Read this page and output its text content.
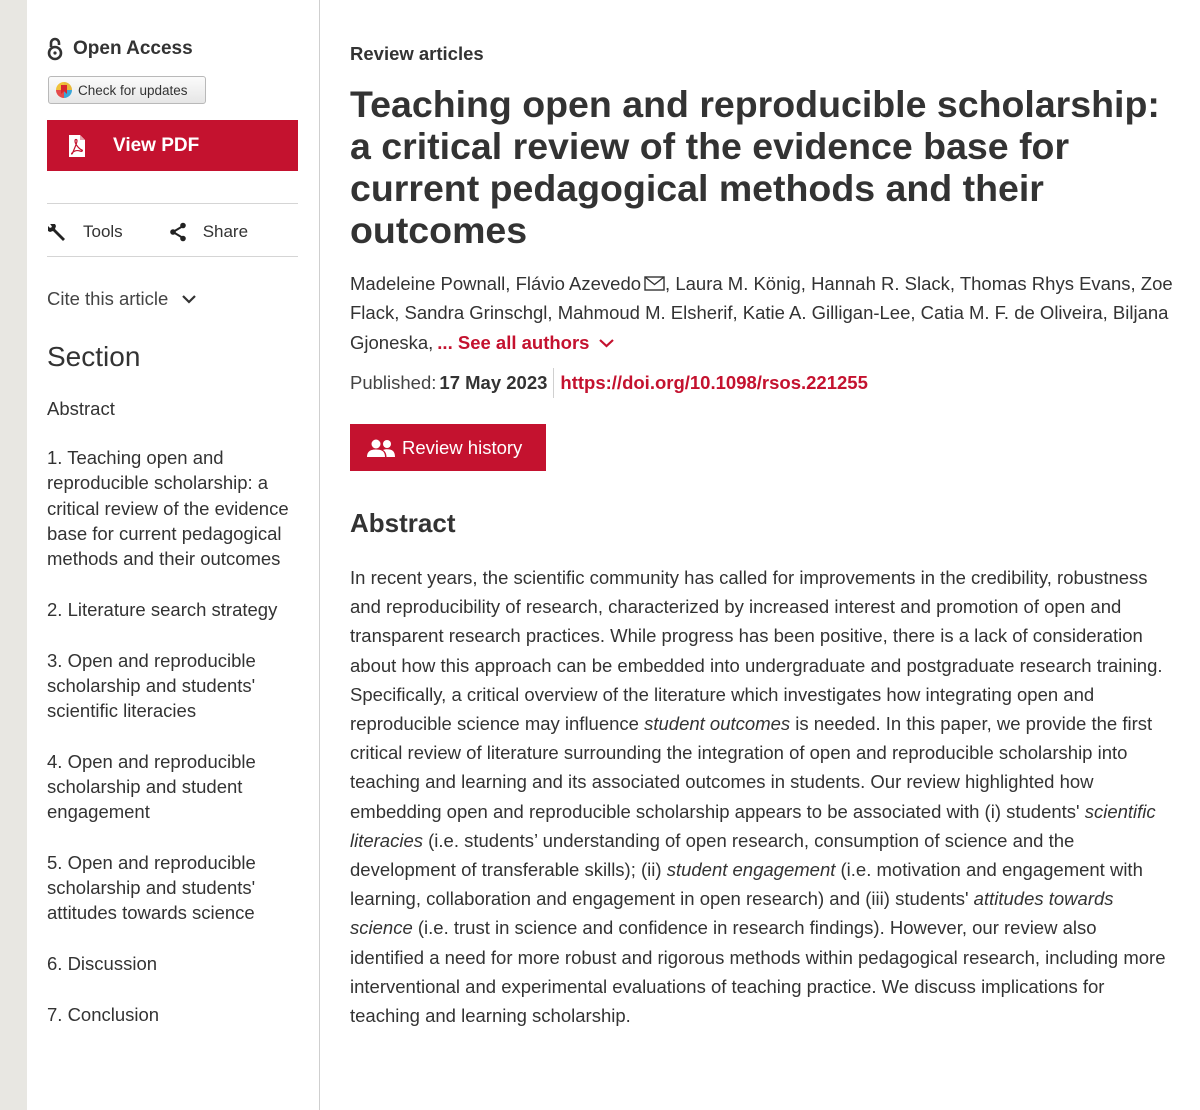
Open Access
Check for updates
View PDF
Tools	Share
Cite this article
Section
Abstract
1. Teaching open and reproducible scholarship: a critical review of the evidence base for current pedagogical methods and their outcomes
2. Literature search strategy
3. Open and reproducible scholarship and students' scientific literacies
4. Open and reproducible scholarship and student engagement
5. Open and reproducible scholarship and students' attitudes towards science
6. Discussion
7. Conclusion
Review articles
Teaching open and reproducible scholarship: a critical review of the evidence base for current pedagogical methods and their outcomes
Madeleine Pownall, Flávio Azevedo , Laura M. König, Hannah R. Slack, Thomas Rhys Evans, Zoe Flack, Sandra Grinschgl, Mahmoud M. Elsherif, Katie A. Gilligan-Lee, Catia M. F. de Oliveira, Biljana Gjoneska, ... See all authors
Published: 17 May 2023 https://doi.org/10.1098/rsos.221255
Review history
Abstract

In recent years, the scientific community has called for improvements in the credibility, robustness and reproducibility of research, characterized by increased interest and promotion of open and transparent research practices. While progress has been positive, there is a lack of consideration about how this approach can be embedded into undergraduate and postgraduate research training. Specifically, a critical overview of the literature which investigates how integrating open and reproducible science may influence student outcomes is needed. In this paper, we provide the first critical review of literature surrounding the integration of open and reproducible scholarship into teaching and learning and its associated outcomes in students. Our review highlighted how embedding open and reproducible scholarship appears to be associated with (i) students' scientific literacies (i.e. students’ understanding of open research, consumption of science and the development of transferable skills); (ii) student engagement (i.e. motivation and engagement with learning, collaboration and engagement in open research) and (iii) students' attitudes towards science (i.e. trust in science and confidence in research findings). However, our review also identified a need for more robust and rigorous methods within pedagogical research, including more interventional and experimental evaluations of teaching practice. We discuss implications for teaching and learning scholarship.
